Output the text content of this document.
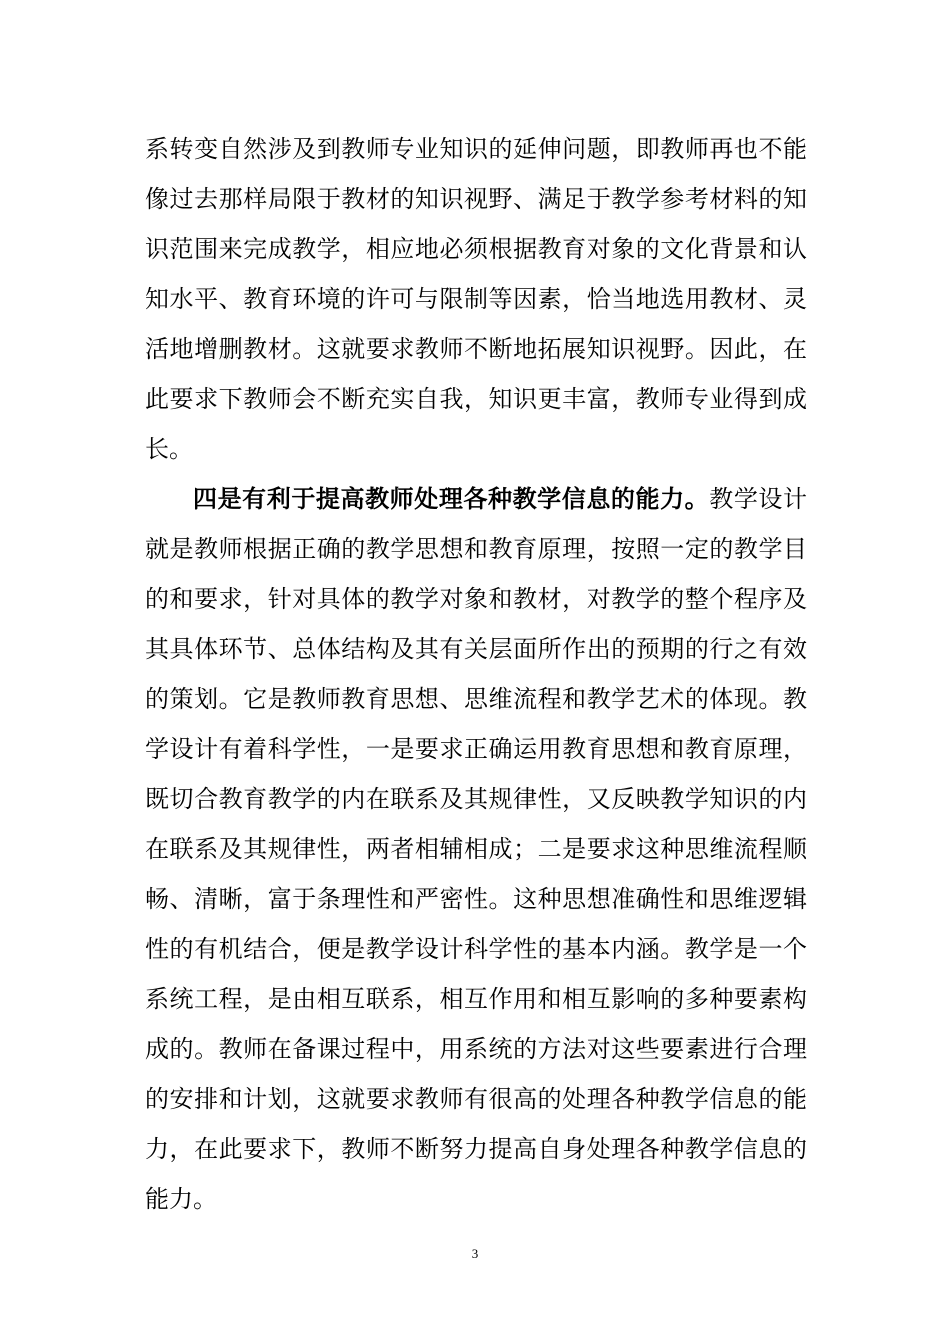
系转变自然涉及到教师专业知识的延伸问题，即教师再也不能像过去那样局限于教材的知识视野、满足于教学参考材料的知识范围来完成教学，相应地必须根据教育对象的文化背景和认知水平、教育环境的许可与限制等因素，恰当地选用教材、灵活地增删教材。这就要求教师不断地拓展知识视野。因此，在此要求下教师会不断充实自我，知识更丰富，教师专业得到成长。

四是有利于提高教师处理各种教学信息的能力。教学设计就是教师根据正确的教学思想和教育原理，按照一定的教学目的和要求，针对具体的教学对象和教材，对教学的整个程序及其具体环节、总体结构及其有关层面所作出的预期的行之有效的策划。它是教师教育思想、思维流程和教学艺术的体现。教学设计有着科学性，一是要求正确运用教育思想和教育原理，既切合教育教学的内在联系及其规律性，又反映教学知识的内在联系及其规律性，两者相辅相成；二是要求这种思维流程顺畅、清晰，富于条理性和严密性。这种思想准确性和思维逻辑性的有机结合，便是教学设计科学性的基本内涵。教学是一个系统工程，是由相互联系，相互作用和相互影响的多种要素构成的。教师在备课过程中，用系统的方法对这些要素进行合理的安排和计划，这就要求教师有很高的处理各种教学信息的能力，在此要求下，教师不断努力提高自身处理各种教学信息的能力。

3
